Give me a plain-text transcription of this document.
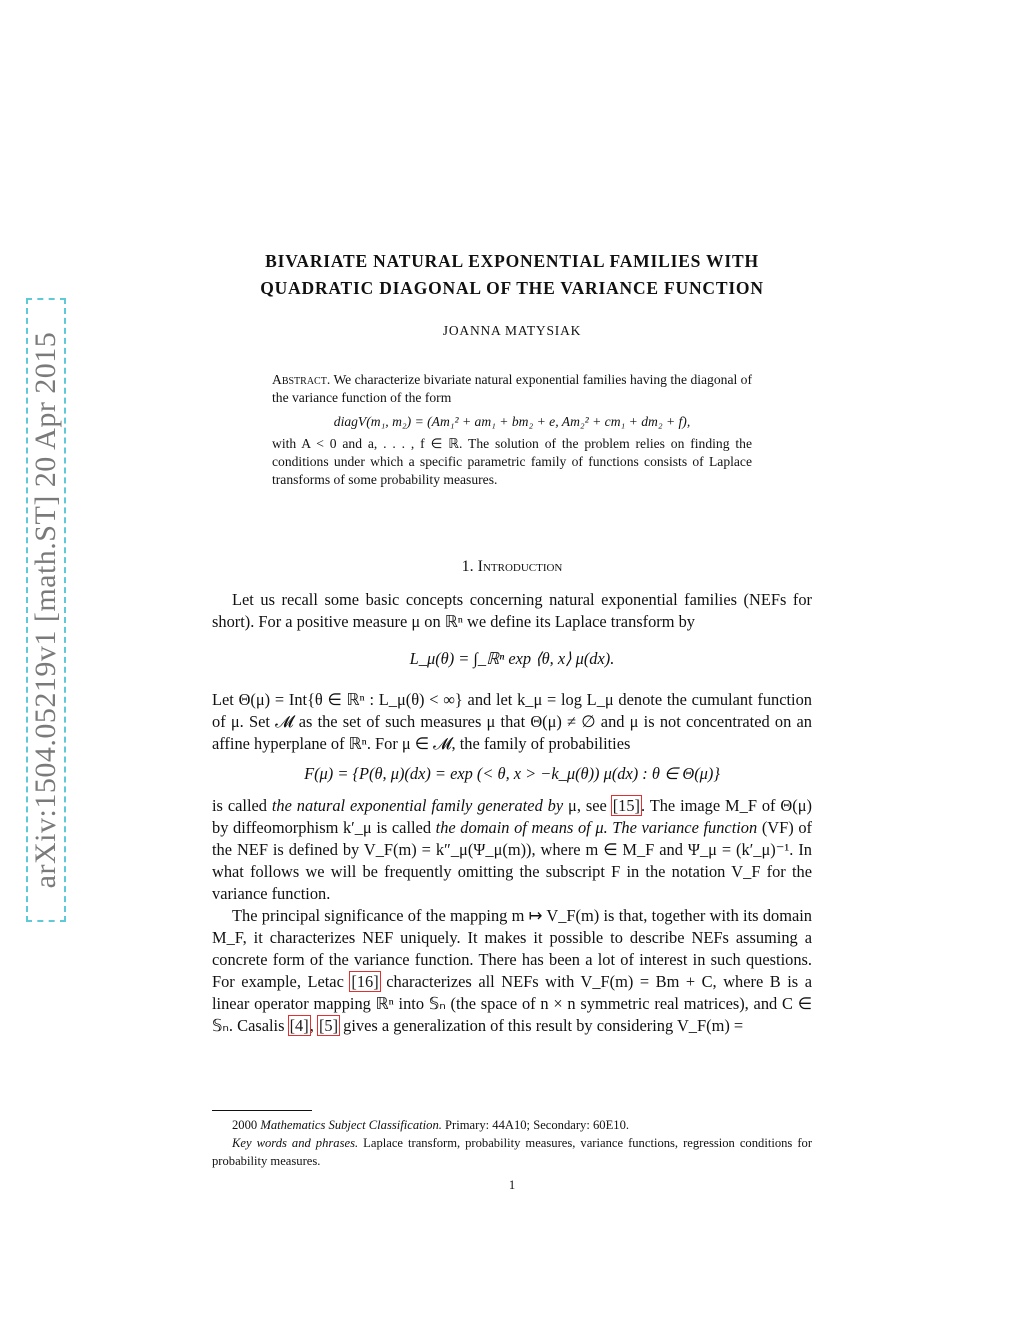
arXiv:1504.05219v1 [math.ST] 20 Apr 2015
BIVARIATE NATURAL EXPONENTIAL FAMILIES WITH
QUADRATIC DIAGONAL OF THE VARIANCE FUNCTION
JOANNA MATYSIAK
Abstract. We characterize bivariate natural exponential families having the diagonal of the variance function of the form
diagV(m₁, m₂) = (Am₁² + am₁ + bm₂ + e, Am₂² + cm₁ + dm₂ + f),
with A < 0 and a, . . . , f ∈ ℝ. The solution of the problem relies on finding the conditions under which a specific parametric family of functions consists of Laplace transforms of some probability measures.
1. Introduction

Let us recall some basic concepts concerning natural exponential families (NEFs for short). For a positive measure μ on ℝⁿ we define its Laplace transform by

L_μ(θ) = ∫_ℝⁿ exp ⟨θ, x⟩ μ(dx).

Let Θ(μ) = Int{θ ∈ ℝⁿ : L_μ(θ) < ∞} and let k_μ = log L_μ denote the cumulant function of μ. Set 𝓜 as the set of such measures μ that Θ(μ) ≠ ∅ and μ is not concentrated on an affine hyperplane of ℝⁿ. For μ ∈ 𝓜, the family of probabilities

F(μ) = {P(θ, μ)(dx) = exp (< θ, x > −k_μ(θ)) μ(dx) : θ ∈ Θ(μ)}

is called the natural exponential family generated by μ, see [15]. The image M_F of Θ(μ) by diffeomorphism k′_μ is called the domain of means of μ. The variance function (VF) of the NEF is defined by V_F(m) = k″_μ(Ψ_μ(m)), where m ∈ M_F and Ψ_μ = (k′_μ)⁻¹. In what follows we will be frequently omitting the subscript F in the notation V_F for the variance function.

The principal significance of the mapping m ↦ V_F(m) is that, together with its domain M_F, it characterizes NEF uniquely. It makes it possible to describe NEFs assuming a concrete form of the variance function. There has been a lot of interest in such questions. For example, Letac [16] characterizes all NEFs with V_F(m) = Bm + C, where B is a linear operator mapping ℝⁿ into 𝕊ₙ (the space of n × n symmetric real matrices), and C ∈ 𝕊ₙ. Casalis [4], [5] gives a generalization of this result by considering V_F(m) =

2000 Mathematics Subject Classification. Primary: 44A10; Secondary: 60E10.

Key words and phrases. Laplace transform, probability measures, variance functions, regression conditions for probability measures.

1
